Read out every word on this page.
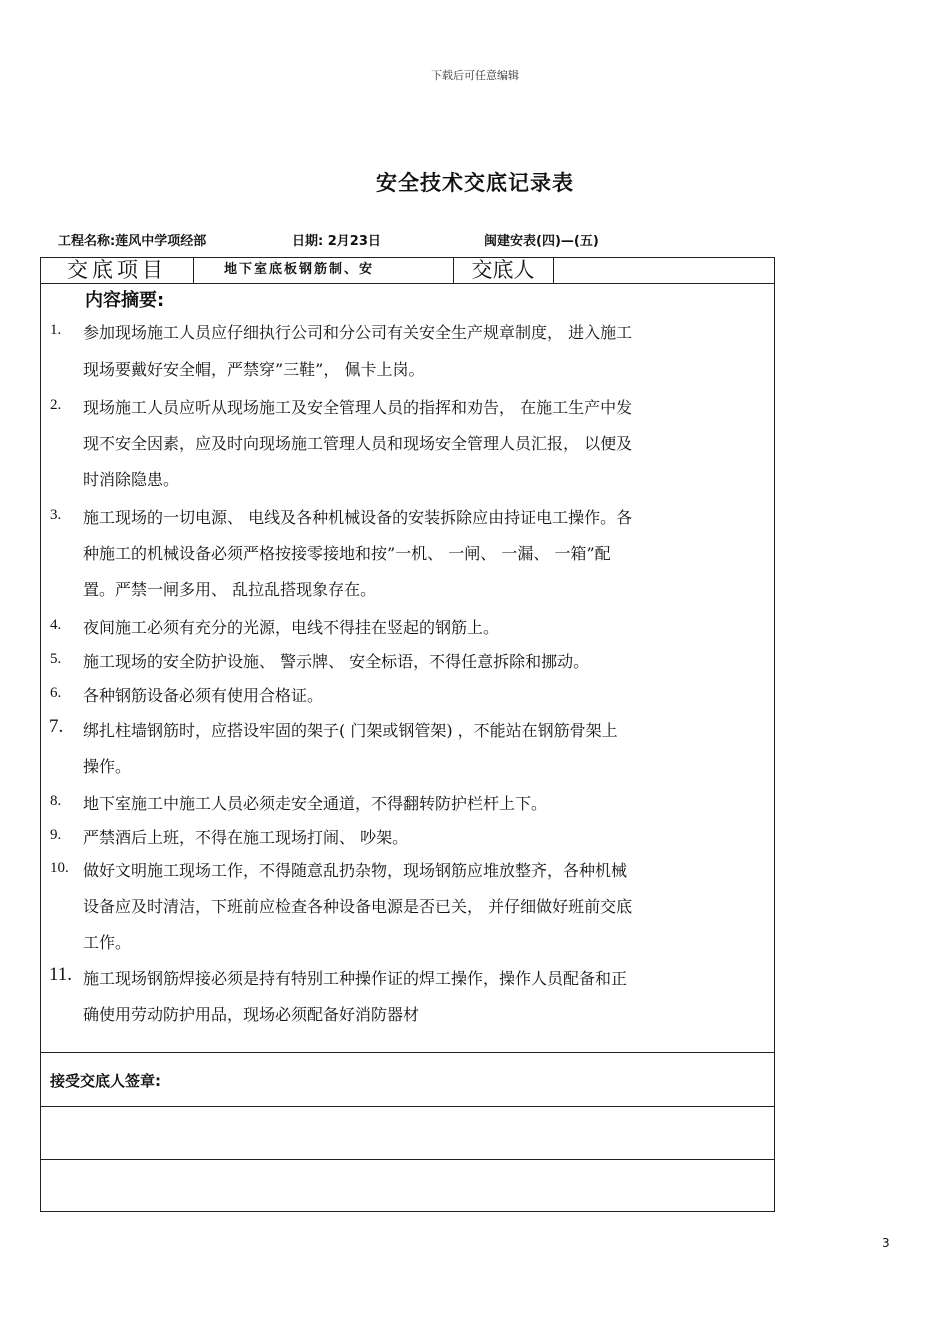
下载后可任意编辑
安全技术交底记录表
工程名称:莲风中学项经部	日期: 2月23日	闽建安表(四)—(五)
交底项目	地下室底板钢筋制、安	交底人
内容摘要:
1. 参加现场施工人员应仔细执行公司和分公司有关安全生产规章制度， 进入施工
现场要戴好安全帽，严禁穿”三鞋”， 佩卡上岗。
2. 现场施工人员应听从现场施工及安全管理人员的指挥和劝告， 在施工生产中发
现不安全因素，应及时向现场施工管理人员和现场安全管理人员汇报， 以便及
时消除隐患。
3. 施工现场的一切电源、 电线及各种机械设备的安装拆除应由持证电工操作。各
种施工的机械设备必须严格按接零接地和按”一机、 一闸、 一漏、 一箱”配
置。严禁一闸多用、 乱拉乱搭现象存在。
4. 夜间施工必须有充分的光源，电线不得挂在竖起的钢筋上。
5. 施工现场的安全防护设施、 警示牌、 安全标语，不得任意拆除和挪动。
6. 各种钢筋设备必须有使用合格证。
7. 绑扎柱墙钢筋时，应搭设牢固的架子( 门架或钢管架) ，不能站在钢筋骨架上
操作。
8. 地下室施工中施工人员必须走安全通道，不得翻转防护栏杆上下。
9. 严禁酒后上班，不得在施工现场打闹、 吵架。
10. 做好文明施工现场工作，不得随意乱扔杂物，现场钢筋应堆放整齐，各种机械
设备应及时清洁，下班前应检查各种设备电源是否已关， 并仔细做好班前交底
工作。
11. 施工现场钢筋焊接必须是持有特别工种操作证的焊工操作，操作人员配备和正
确使用劳动防护用品，现场必须配备好消防器材
接受交底人签章:
3
